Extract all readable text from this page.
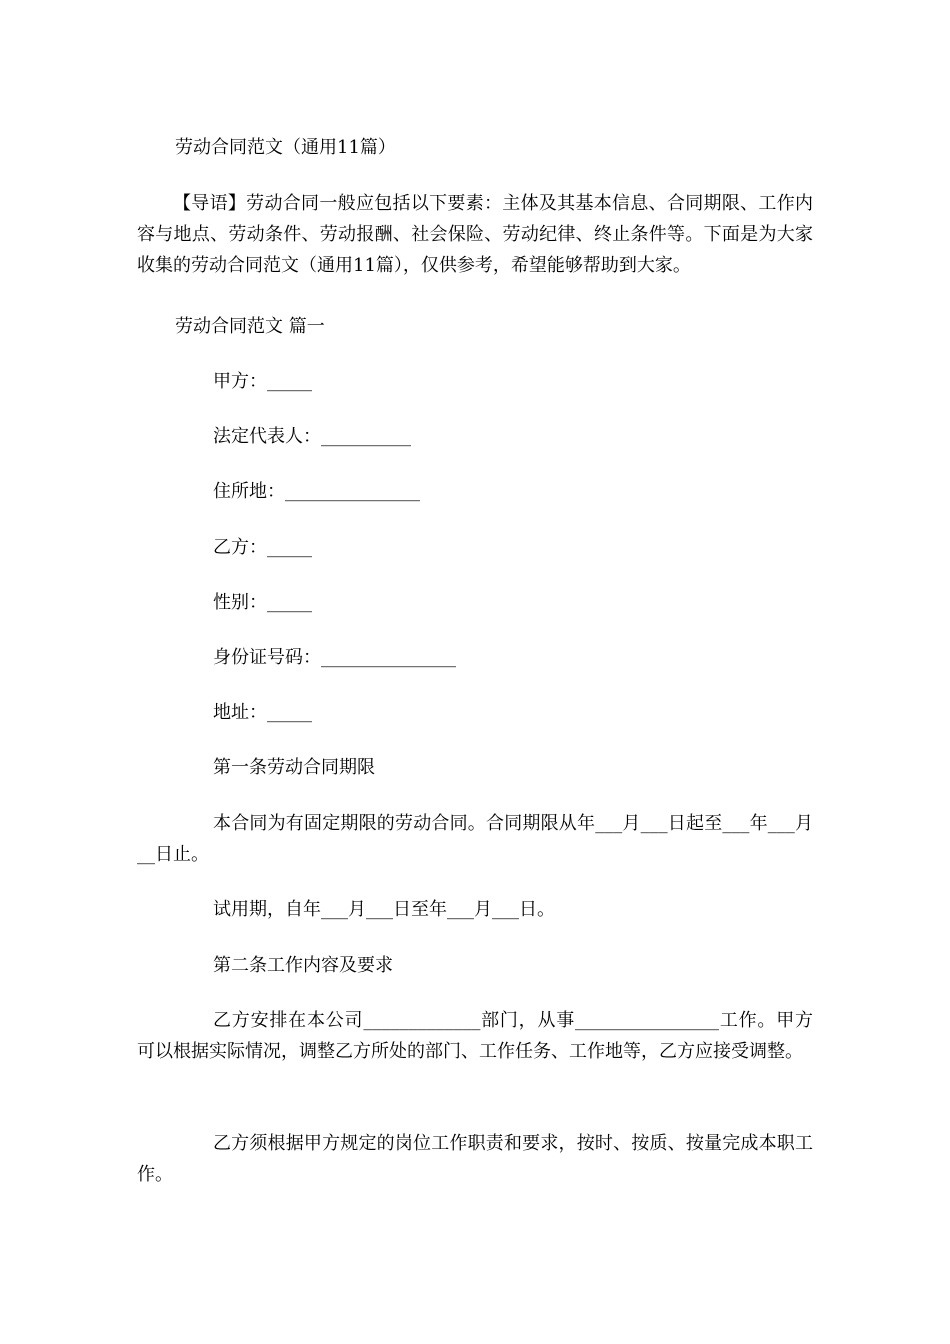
劳动合同范文（通用11篇）
【导语】劳动合同一般应包括以下要素：主体及其基本信息、合同期限、工作内容与地点、劳动条件、劳动报酬、社会保险、劳动纪律、终止条件等。下面是为大家收集的劳动合同范文（通用11篇），仅供参考，希望能够帮助到大家。
劳动合同范文 篇一
甲方：_____
法定代表人：__________
住所地：_______________
乙方：_____
性别：_____
身份证号码：_______________
地址：_____
第一条劳动合同期限
本合同为有固定期限的劳动合同。合同期限从年___月___日起至___年___月__日止。
试用期，自年___月___日至年___月___日。
第二条工作内容及要求
乙方安排在本公司_____________部门，从事________________工作。甲方可以根据实际情况，调整乙方所处的部门、工作任务、工作地等，乙方应接受调整。
乙方须根据甲方规定的岗位工作职责和要求，按时、按质、按量完成本职工作。
